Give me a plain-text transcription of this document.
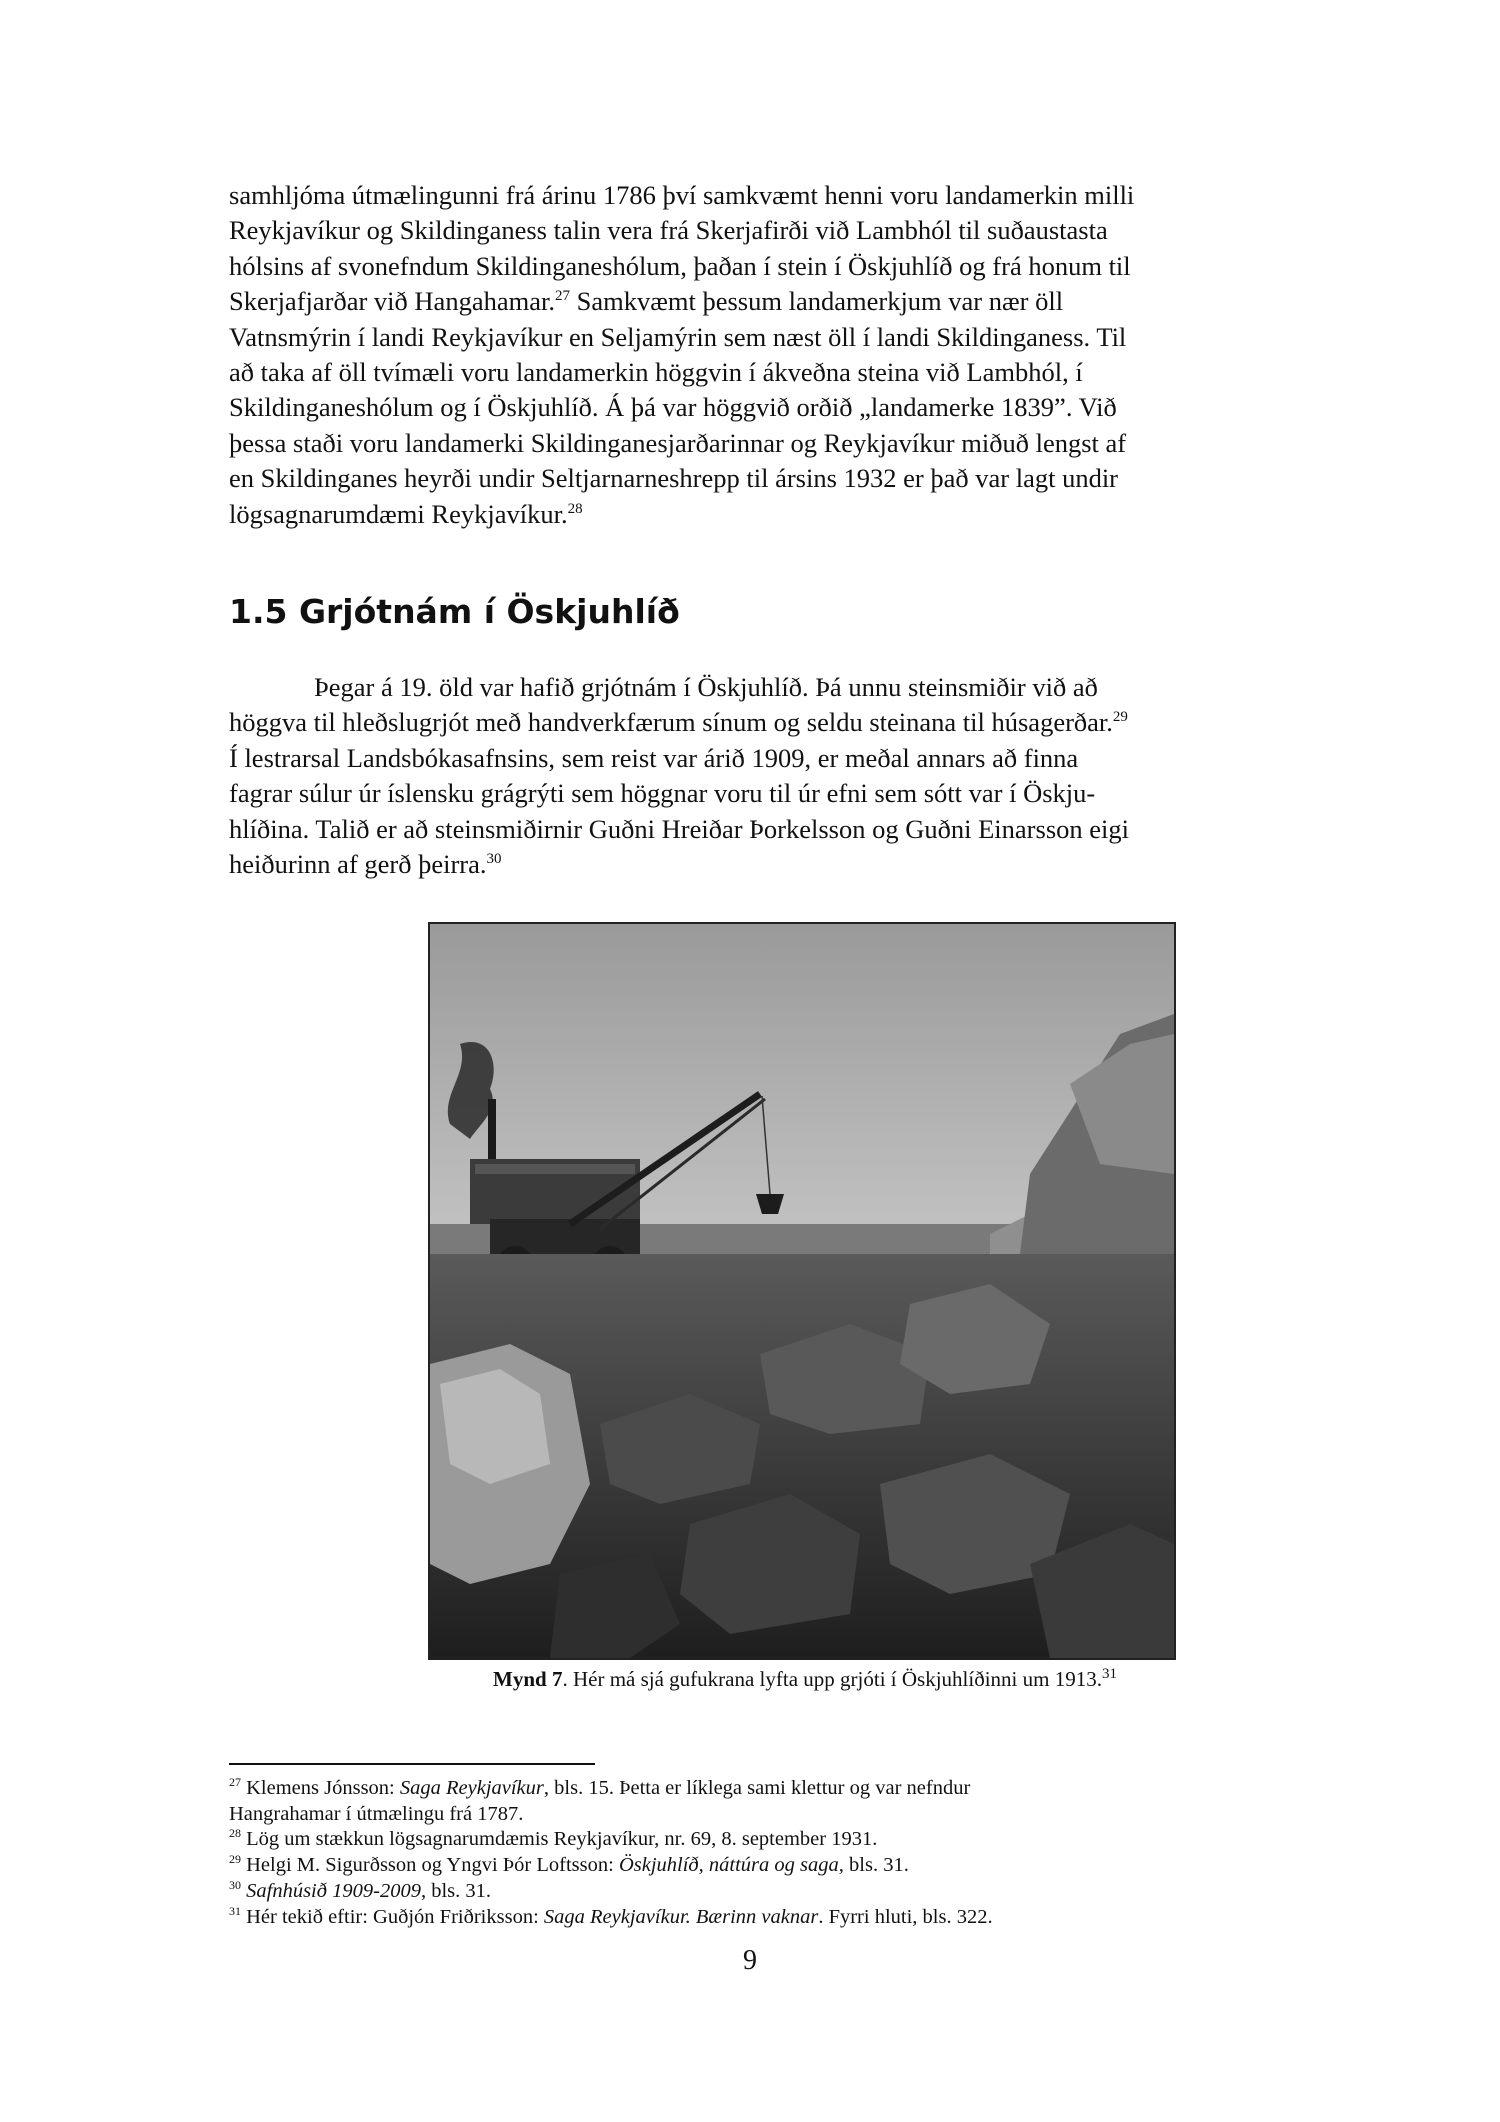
samhljóma útmælingunni frá árinu 1786 því samkvæmt henni voru landamerkin milli
Reykjavíkur og Skildinganess talin vera frá Skerjafirði við Lambhól til suðaustasta
hólsins af svonefndum Skildinganeshólum, þaðan í stein í Öskjuhlíð og frá honum til
Skerjafjarðar við Hangahamar.$^{27}$ Samkvæmt þessum landamerkjum var nær öll
Vatnsmýrin í landi Reykjavíkur en Seljamýrin sem næst öll í landi Skildinganess. Til
að taka af öll tvímæli voru landamerkin höggvin í ákveðna steina við Lambhól, í
Skildinganeshólum og í Öskjuhlíð. Á þá var höggvið orðið „landamerke 1839”. Við
þessa staði voru landamerki Skildinganesjarðarinnar og Reykjavíkur miðuð lengst af
en Skildinganes heyrði undir Seltjarnarneshrepp til ársins 1932 er það var lagt undir
lögsagnarumdæmi Reykjavíkur.$^{28}$
1.5 Grjótnám í Öskjuhlíð
Þegar á 19. öld var hafið grjótnám í Öskjuhlíð. Þá unnu steinsmiðir við að
höggva til hleðslugrjót með handverkfærum sínum og seldu steinana til húsagerðar.$^{29}$
Í lestrarsal Landsbókasafnsins, sem reist var árið 1909, er meðal annars að finna
fagrar súlur úr íslensku grágrýti sem höggnar voru til úr efni sem sótt var í Öskju-
hlíðina. Talið er að steinsmiðirnir Guðni Hreiðar Þorkelsson og Guðni Einarsson eigi
heiðurinn af gerð þeirra.$^{30}$
Mynd 7. Hér má sjá gufukrana lyfta upp grjóti í Öskjuhlíðinni um 1913.31
$^{27}$ Klemens Jónsson: Saga Reykjavíkur, bls. 15. Þetta er líklega sami klettur og var nefndur
Hangrahamar í útmælingu frá 1787.
$^{28}$ Lög um stækkun lögsagnarumdæmis Reykjavíkur, nr. 69, 8. september 1931.
$^{29}$ Helgi M. Sigurðsson og Yngvi Þór Loftsson: Öskjuhlíð, náttúra og saga, bls. 31.
$^{30}$ Safnhúsið 1909-2009, bls. 31.
$^{31}$ Hér tekið eftir: Guðjón Friðriksson: Saga Reykjavíkur. Bærinn vaknar. Fyrri hluti, bls. 322.
9
